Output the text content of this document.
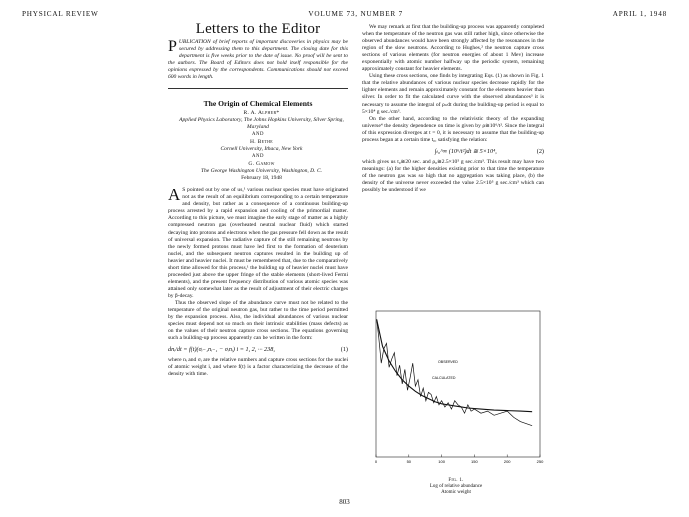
PHYSICAL REVIEW	VOLUME 73, NUMBER 7	APRIL 1, 1948
Letters to the Editor
PUBLICATION of brief reports of important discoveries in physics may be secured by addressing them to this department. The closing date for this department is five weeks prior to the date of issue. No proof will be sent to the authors. The Board of Editors does not hold itself responsible for the opinions expressed by the correspondents. Communications should not exceed 600 words in length.
The Origin of Chemical Elements

R. A. Alpher*

Applied Physics Laboratory, The Johns Hopkins University, Silver Spring, Maryland

AND

H. Bethe

Cornell University, Ithaca, New York

AND

G. Gamow

The George Washington University, Washington, D. C.

February 18, 1948

A S pointed out by one of us,¹ various nuclear species must have originated not as the result of an equilibrium corresponding to a certain temperature and density, but rather as a consequence of a continuous building-up process arrested by a rapid expansion and cooling of the primordial matter. According to this picture, we must imagine the early stage of matter as a highly compressed neutron gas (overheated neutral nuclear fluid) which started decaying into protons and electrons when the gas pressure fell down as the result of universal expansion. The radiative capture of the still remaining neutrons by the newly formed protons must have led first to the formation of deuterium nuclei, and the subsequent neutron captures resulted in the building up of heavier and heavier nuclei. It must be remembered that, due to the comparatively short time allowed for this process,¹ the building up of heavier nuclei must have proceeded just above the upper fringe of the stable elements (short-lived Fermi elements), and the present frequency distribution of various atomic species was attained only somewhat later as the result of adjustment of their electric charges by β-decay.

Thus the observed slope of the abundance curve must not be related to the temperature of the original neutron gas, but rather to the time period permitted by the expansion process. Also, the individual abundances of various nuclear species must depend not so much on their intrinsic stabilities (mass defects) as on the values of their neutron capture cross sections. The equations governing such a building-up process apparently can be written in the form:

dnᵢ/dt = f(t)(σᵢ₋₁nᵢ₋₁ − σᵢnᵢ) i = 1, 2, ··· 238,	(1)

where nᵢ and σᵢ are the relative numbers and capture cross sections for the nuclei of atomic weight i, and where f(t) is a factor characterizing the decrease of the density with time.

We may remark at first that the building-up process was apparently completed when the temperature of the neutron gas was still rather high, since otherwise the observed abundances would have been strongly affected by the resonances in the region of the slow neutrons. According to Hughes,² the neutron capture cross sections of various elements (for neutron energies of about 1 Mev) increase exponentially with atomic number halfway up the periodic system, remaining approximately constant for heavier elements.

Using these cross sections, one finds by integrating Eqs. (1) as shown in Fig. 1 that the relative abundances of various nuclear species decrease rapidly for the lighter elements and remain approximately constant for the elements heavier than silver. In order to fit the calculated curve with the observed abundances³ it is necessary to assume the integral of ρₙdt during the building-up period is equal to 5×10⁴ g sec./cm³.

On the other hand, according to the relativistic theory of the expanding universe⁴ the density dependence on time is given by ρ≅10⁶/t². Since the integral of this expression diverges at t = 0, it is necessary to assume that the building-up process began at a certain time t₀, satisfying the relation:

∫ₜ₀^∞ (10⁶/t²)dt ≅ 5×10⁴,	(2)

which gives us t₀≅20 sec. and ρ₀≅2.5×10⁵ g sec./cm³. This result may have two meanings: (a) for the higher densities existing prior to that time the temperature of the neutron gas was so high that no aggregation was taking place, (b) the density of the universe never exceeded the value 2.5×10⁵ g sec./cm³ which can possibly be understood if we

0	50	100	150	200	250
OBSERVED
CALCULATED
Fig. 1.
Log of relative abundance
Atomic weight
803
